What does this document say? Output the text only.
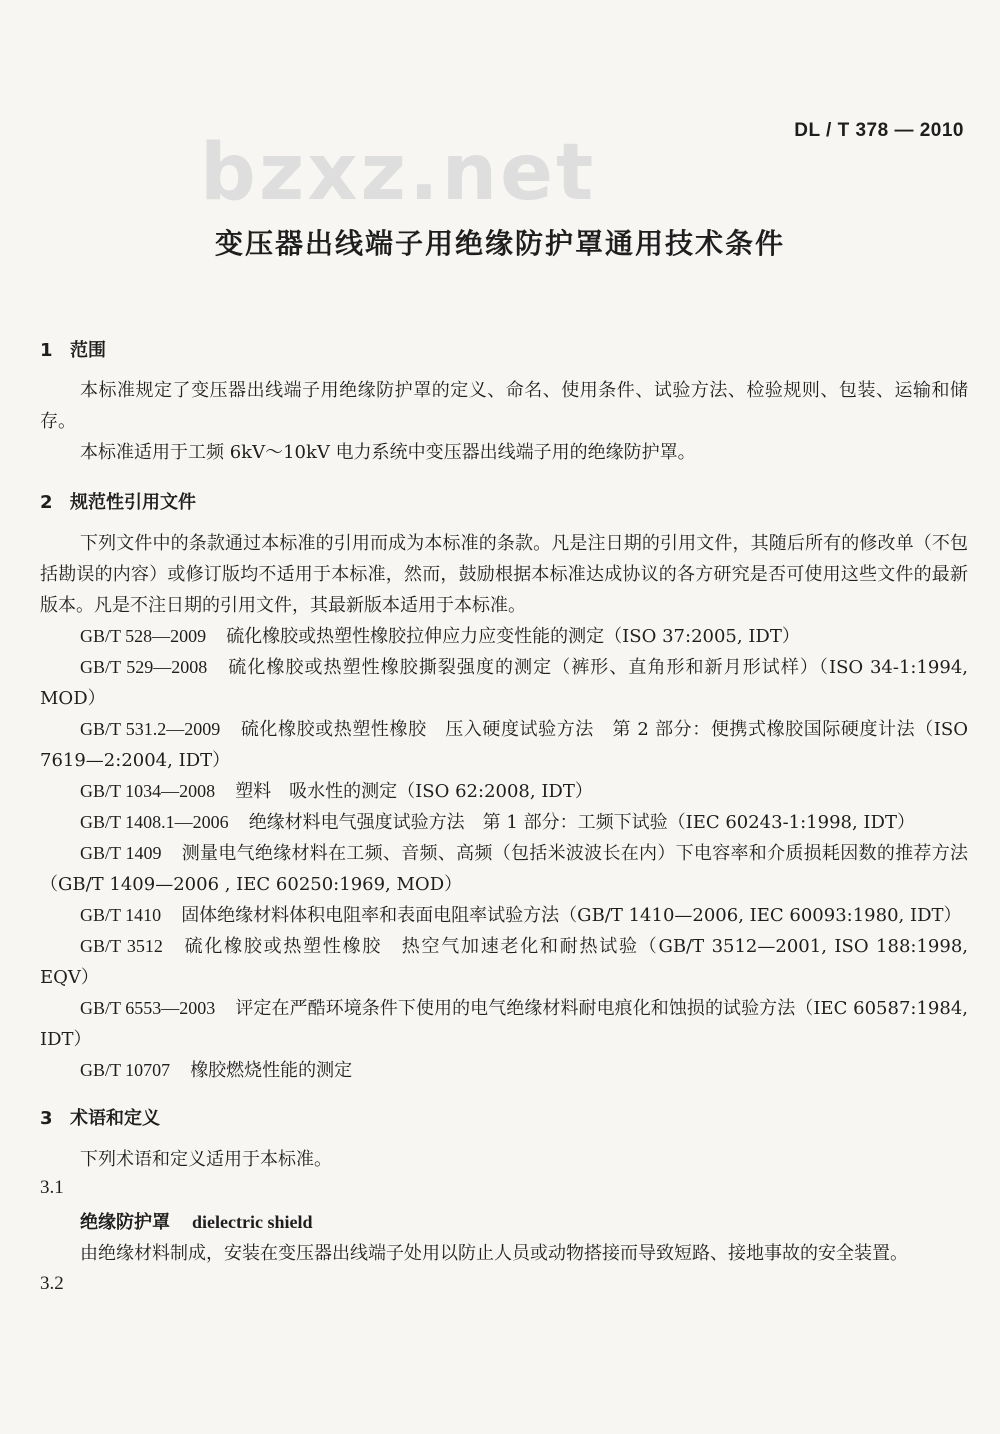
bzxz.net	DL / T 378 — 2010
变压器出线端子用绝缘防护罩通用技术条件

1 范围

本标准规定了变压器出线端子用绝缘防护罩的定义、命名、使用条件、试验方法、检验规则、包装、运输和储存。

本标准适用于工频 6kV～10kV 电力系统中变压器出线端子用的绝缘防护罩。

2 规范性引用文件

下列文件中的条款通过本标准的引用而成为本标准的条款。凡是注日期的引用文件，其随后所有的修改单（不包括勘误的内容）或修订版均不适用于本标准，然而，鼓励根据本标准达成协议的各方研究是否可使用这些文件的最新版本。凡是不注日期的引用文件，其最新版本适用于本标准。

GB/T 528—2009 硫化橡胶或热塑性橡胶拉伸应力应变性能的测定（ISO 37:2005, IDT）

GB/T 529—2008 硫化橡胶或热塑性橡胶撕裂强度的测定（裤形、直角形和新月形试样）（ISO 34-1:1994, MOD）

GB/T 531.2—2009 硫化橡胶或热塑性橡胶　压入硬度试验方法　第 2 部分：便携式橡胶国际硬度计法（ISO 7619—2:2004, IDT）

GB/T 1034—2008 塑料　吸水性的测定（ISO 62:2008, IDT）

GB/T 1408.1—2006 绝缘材料电气强度试验方法　第 1 部分：工频下试验（IEC 60243-1:1998, IDT）

GB/T 1409 测量电气绝缘材料在工频、音频、高频（包括米波波长在内）下电容率和介质损耗因数的推荐方法（GB/T 1409—2006 , IEC 60250:1969, MOD）

GB/T 1410 固体绝缘材料体积电阻率和表面电阻率试验方法（GB/T 1410—2006, IEC 60093:1980, IDT）

GB/T 3512 硫化橡胶或热塑性橡胶　热空气加速老化和耐热试验（GB/T 3512—2001, ISO 188:1998, EQV）

GB/T 6553—2003 评定在严酷环境条件下使用的电气绝缘材料耐电痕化和蚀损的试验方法（IEC 60587:1984, IDT）

GB/T 10707 橡胶燃烧性能的测定

3 术语和定义

下列术语和定义适用于本标准。

3.1

绝缘防护罩 dielectric shield

由绝缘材料制成，安装在变压器出线端子处用以防止人员或动物搭接而导致短路、接地事故的安全装置。

3.2
